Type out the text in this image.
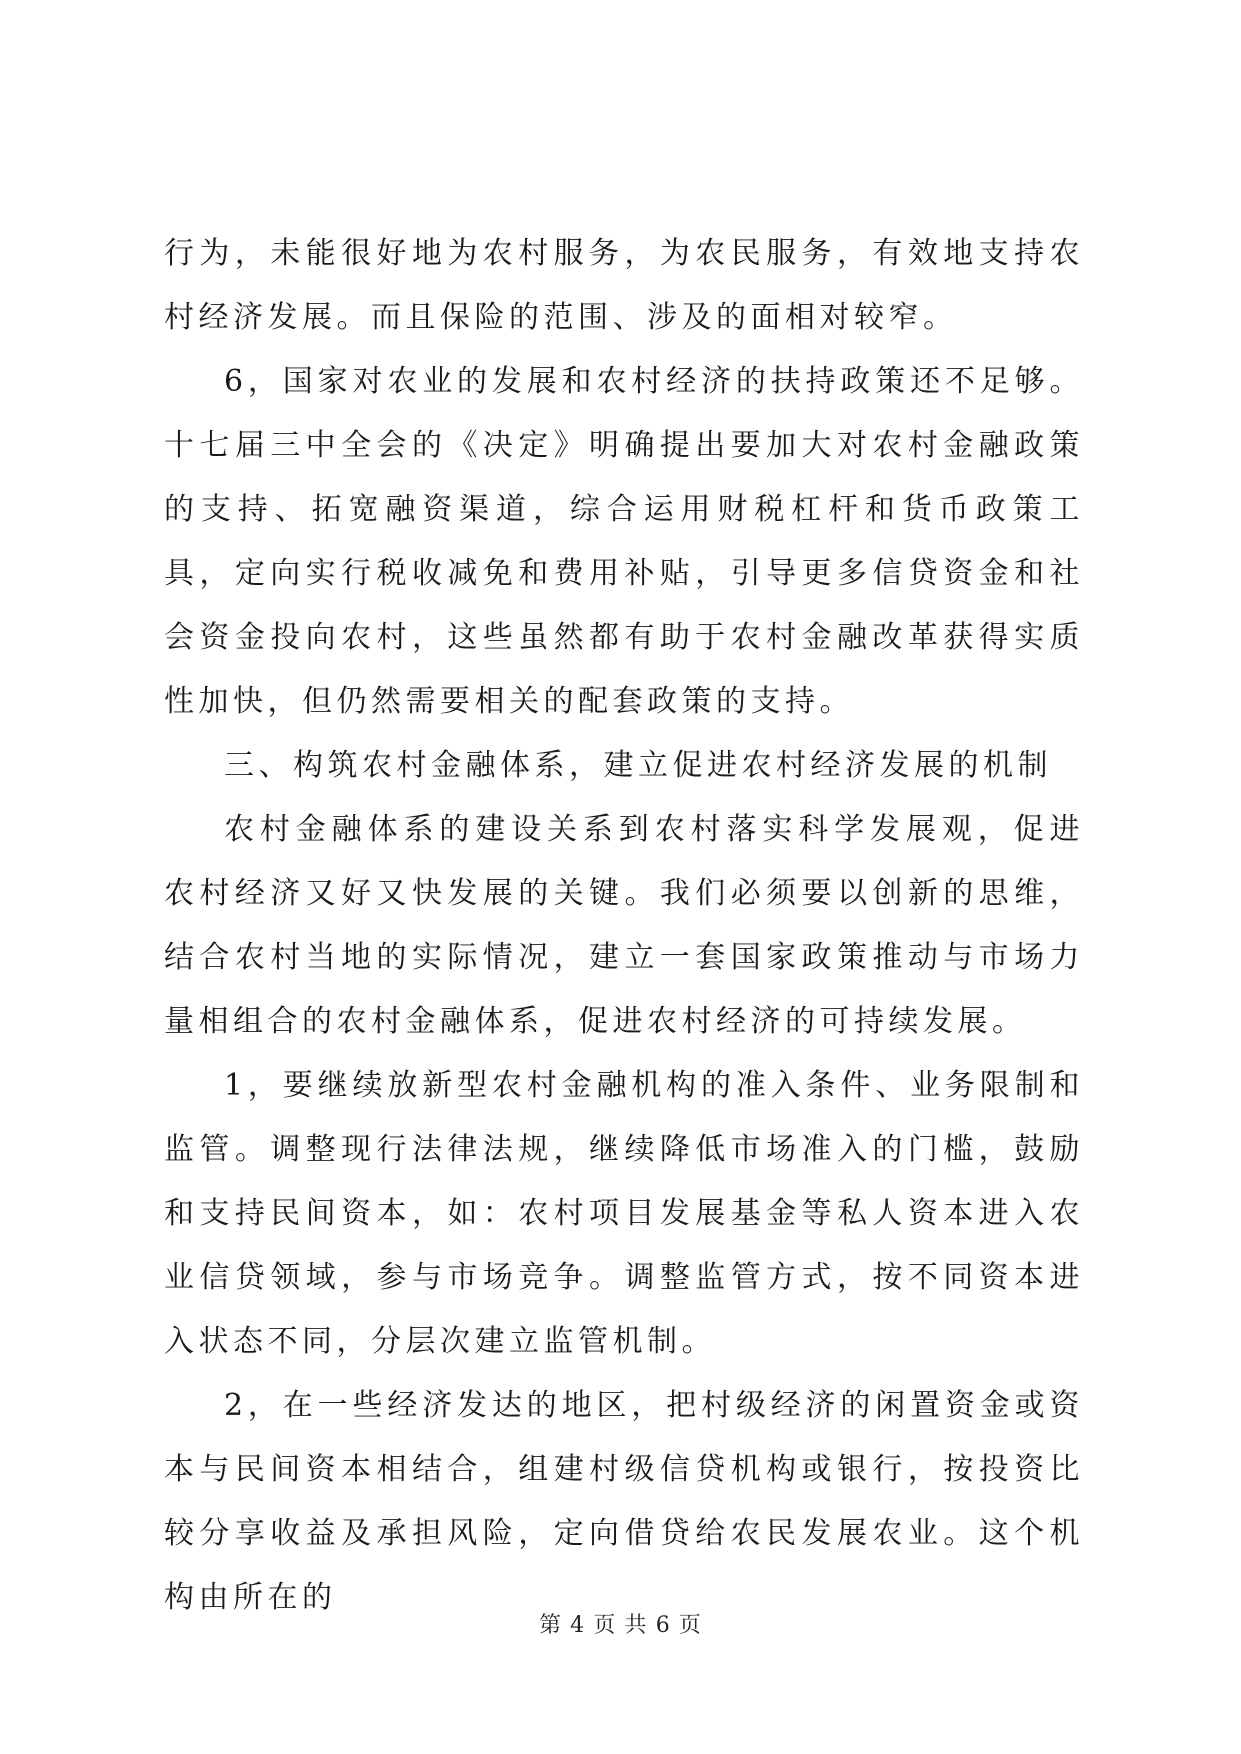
行为，未能很好地为农村服务，为农民服务，有效地支持农村经济发展。而且保险的范围、涉及的面相对较窄。

6，国家对农业的发展和农村经济的扶持政策还不足够。十七届三中全会的《决定》明确提出要加大对农村金融政策的支持、拓宽融资渠道，综合运用财税杠杆和货币政策工具，定向实行税收减免和费用补贴，引导更多信贷资金和社会资金投向农村，这些虽然都有助于农村金融改革获得实质性加快，但仍然需要相关的配套政策的支持。

三、构筑农村金融体系，建立促进农村经济发展的机制

农村金融体系的建设关系到农村落实科学发展观，促进农村经济又好又快发展的关键。我们必须要以创新的思维，结合农村当地的实际情况，建立一套国家政策推动与市场力量相组合的农村金融体系，促进农村经济的可持续发展。

1，要继续放新型农村金融机构的准入条件、业务限制和监管。调整现行法律法规，继续降低市场准入的门槛，鼓励和支持民间资本，如：农村项目发展基金等私人资本进入农业信贷领域，参与市场竞争。调整监管方式，按不同资本进入状态不同，分层次建立监管机制。

2，在一些经济发达的地区，把村级经济的闲置资金或资本与民间资本相结合，组建村级信贷机构或银行，按投资比较分享收益及承担风险，定向借贷给农民发展农业。这个机构由所在的

第 4 页 共 6 页
